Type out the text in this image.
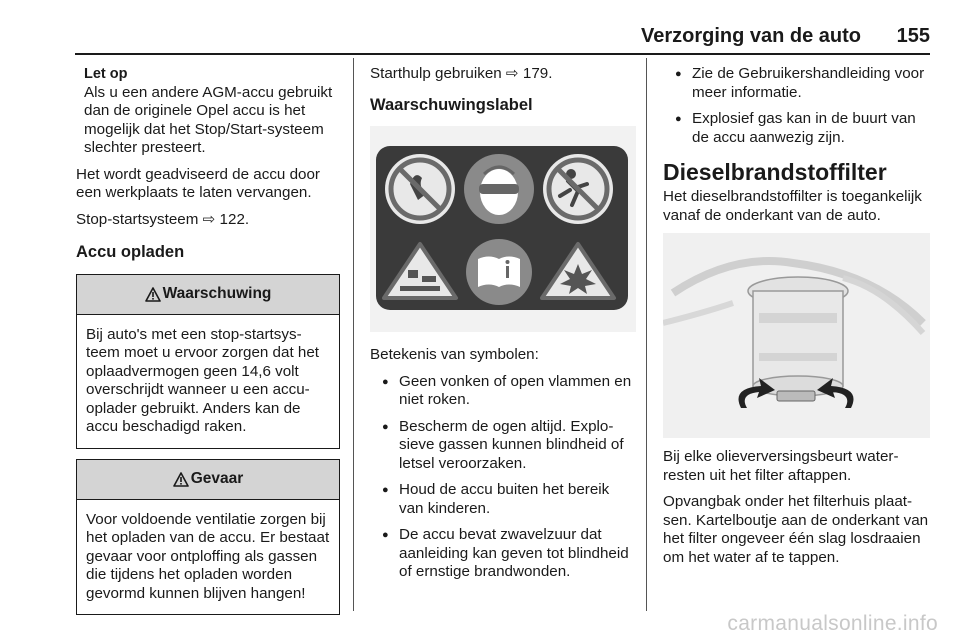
Verzorging van de auto 155
Let op
Als u een andere AGM-accu gebruikt dan de originele Opel accu is het mogelijk dat het Stop/Start-systeem slechter presteert.

Het wordt geadviseerd de accu door een werkplaats te laten vervangen.

Stop-startsysteem ⇨ 122.

Accu opladen
Waarschuwing
Bij auto's met een stop-startsysteem moet u ervoor zorgen dat het oplaadvermogen geen 14,6 volt overschrijdt wanneer u een accuoplader gebruikt. Anders kan de accu beschadigd raken.
Gevaar
Voor voldoende ventilatie zorgen bij het opladen van de accu. Er bestaat gevaar voor ontploffing als gassen die tijdens het opladen worden gevormd kunnen blijven hangen!

Starthulp gebruiken ⇨ 179.

Waarschuwingslabel

Betekenis van symbolen:

● Geen vonken of open vlammen en niet roken.
● Bescherm de ogen altijd. Explosieve gassen kunnen blindheid of letsel veroorzaken.
● Houd de accu buiten het bereik van kinderen.
● De accu bevat zwavelzuur dat aanleiding kan geven tot blindheid of ernstige brandwonden.
● Zie de Gebruikershandleiding voor meer informatie.
● Explosief gas kan in de buurt van de accu aanwezig zijn.
Dieselbrandstoffilter

Het dieselbrandstoffilter is toegankelijk vanaf de onderkant van de auto.

Bij elke olieverversingsbeurt waterresten uit het filter aftappen.

Opvangbak onder het filterhuis plaatsen. Kartelboutje aan de onderkant van het filter ongeveer één slag losdraaien om het water af te tappen.

carmanualsonline.info
